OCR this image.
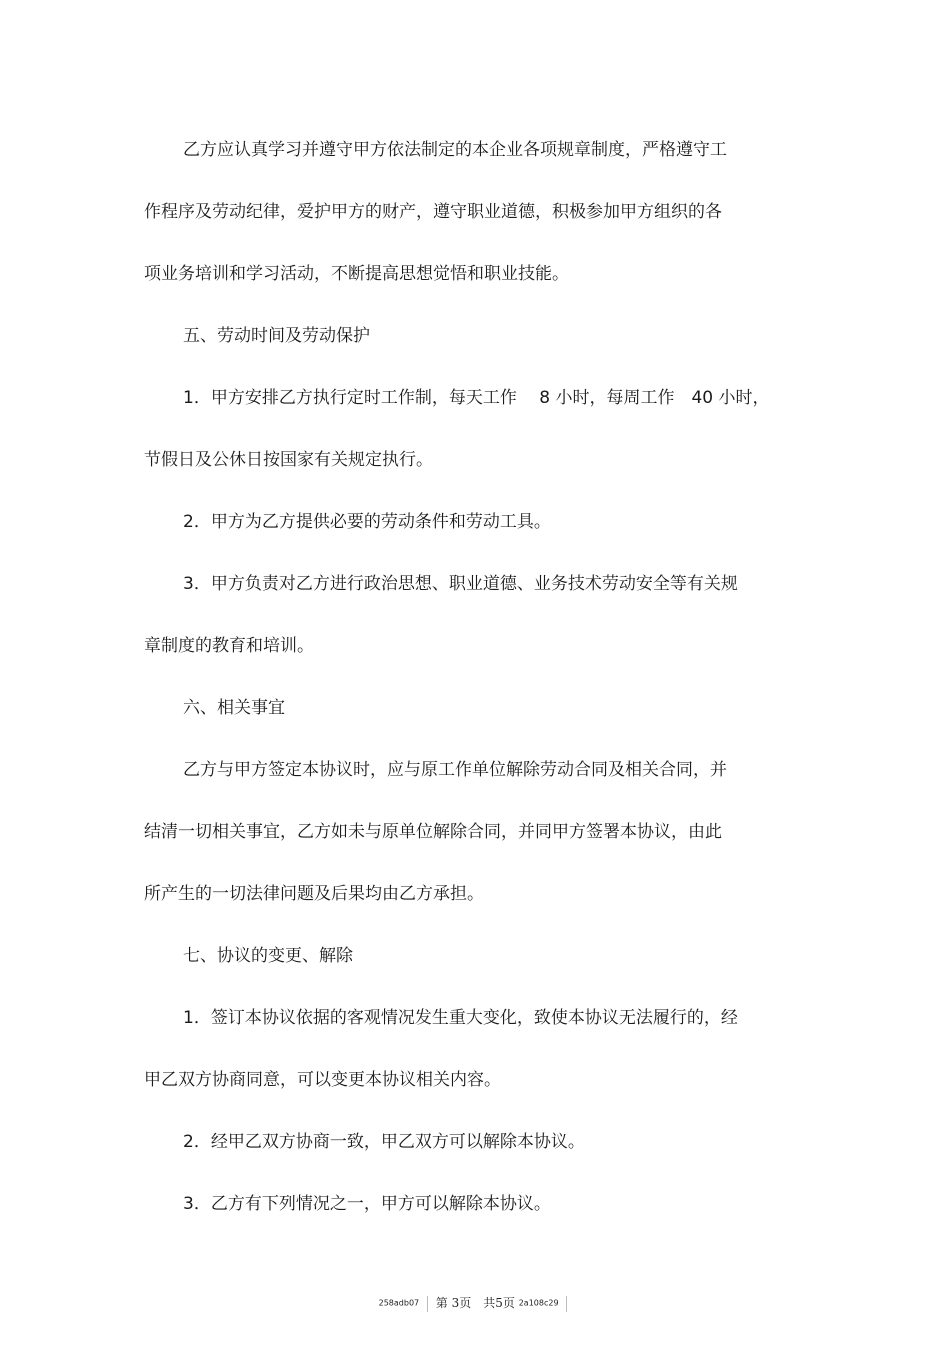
乙方应认真学习并遵守甲方依法制定的本企业各项规章制度，严格遵守工
作程序及劳动纪律，爱护甲方的财产，遵守职业道德，积极参加甲方组织的各
项业务培训和学习活动，不断提高思想觉悟和职业技能。
五、劳动时间及劳动保护
1．甲方安排乙方执行定时工作制，每天工作　 8 小时，每周工作　40 小时，
节假日及公休日按国家有关规定执行。
2．甲方为乙方提供必要的劳动条件和劳动工具。
3．甲方负责对乙方进行政治思想、职业道德、业务技术劳动安全等有关规
章制度的教育和培训。
六、相关事宜
乙方与甲方签定本协议时，应与原工作单位解除劳动合同及相关合同，并
结清一切相关事宜，乙方如未与原单位解除合同，并同甲方签署本协议，由此
所产生的一切法律问题及后果均由乙方承担。
七、协议的变更、解除
1．签订本协议依据的客观情况发生重大变化，致使本协议无法履行的，经
甲乙双方协商同意，可以变更本协议相关内容。
2．经甲乙双方协商一致，甲乙双方可以解除本协议。
3．乙方有下列情况之一，甲方可以解除本协议。
258adb07 第 3页　共5页 2a108c29
